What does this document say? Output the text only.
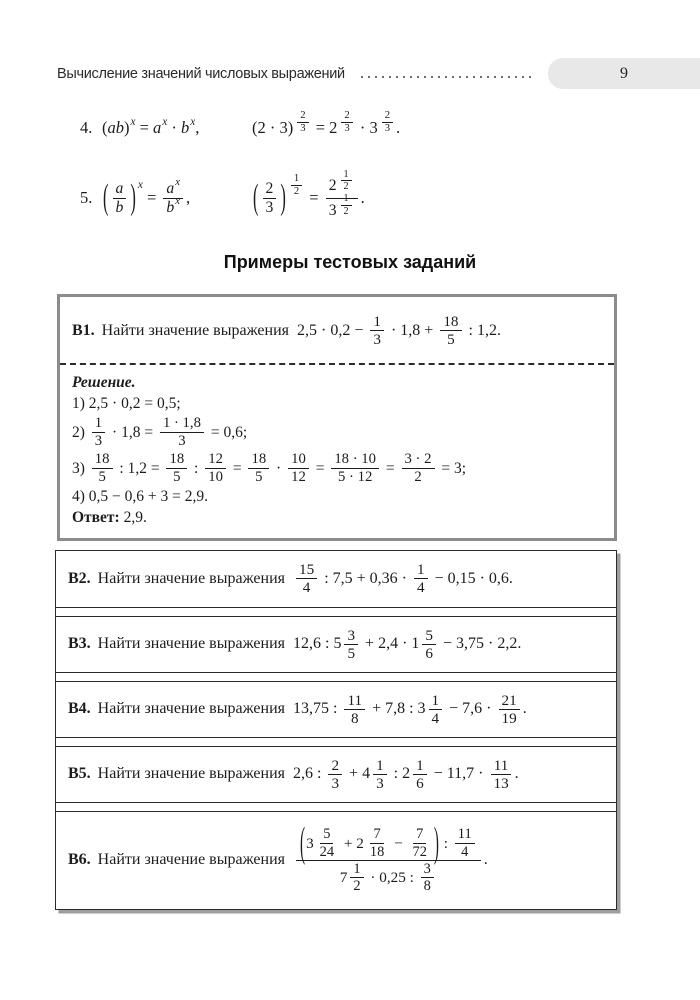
Вычисление значений числовых выражений	9
4. ( ab ) x = a x · b x ,	(2 · 3)
2
3 = 2
2
3 · 3
2
3 .
5. ( a
b ) x
= $\frac{\text{a x}}{\text{b x}}$ ,	( 2
3 ) 1
2 = 2
1
2
3
1
2 .
Примеры тестовых заданий
В1. Найти значение выражения $2,5 \cdot 0,2 - \frac{1}{3} \cdot 1,8 + \frac{18}{5}$ : 1,2.
Решение.
1) 2,5 · 0,2 = 0,5;
2)
1
3
· $1,8 = \frac{1 \cdot 1,8}{3} = 0,6$;
3)
18
5
: $1,2 = \frac{18}{5}$ : $\frac{12}{10} = \frac{18}{5} \cdot \frac{10}{12} = \frac{18 \cdot 10}{5 \cdot 12} = \frac{3 \cdot 2}{2} = 3$;
4) 0,5 − 0,6 + 3 = 2,9.
Ответ: 2,9.
В2. Найти значение выражения
15
4
: 7,5 + 0,36 ·
1
4
− 0,15 · 0,6.
В3. Найти значение выражения 12,6 : 5
3
5
+ 2,4 · 1
5
6
− 3,75 · 2,2.
В4. Найти значение выражения 13,75 :
11
8
+ 7,8 : 3
1
4
− 7,6 ·
21
19
.
В5. Найти значение выражения 2,6 :
2
3
+ 4
1
3
: 2
1
6
− 11,7 ·
11
13
.
В6. Найти значение выражения ( 3
5
24
+ 2
7
18
− $\frac{7}{72}$ ) :
11
4
7
1
2
· 0,25 :
3
8
.
